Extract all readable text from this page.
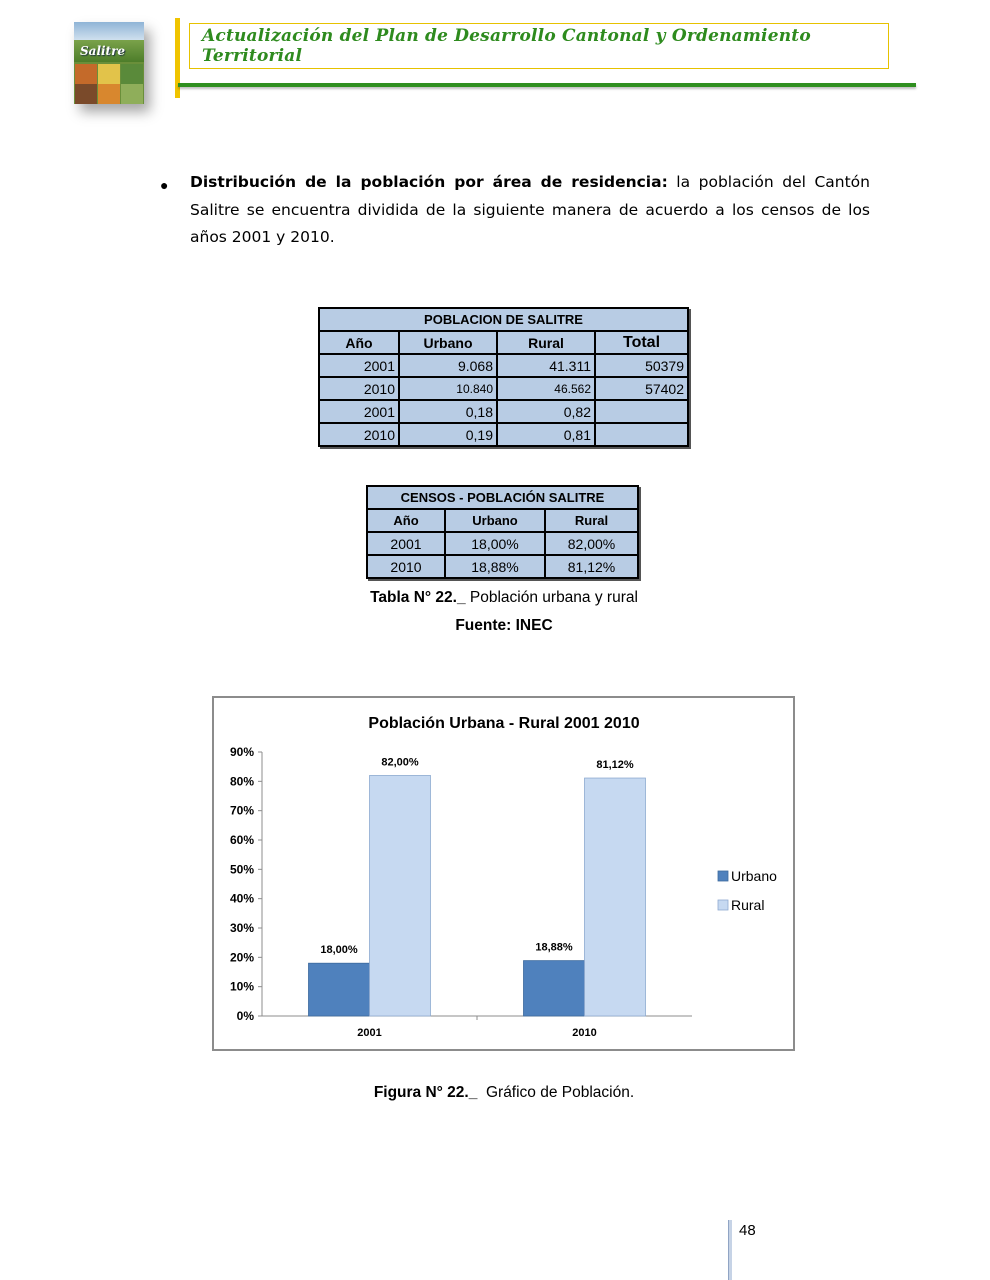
Salitre
Actualización del Plan de Desarrollo Cantonal y Ordenamiento Territorial
● Distribución de la población por área de residencia: la población del Cantón Salitre se encuentra dividida de la siguiente manera de acuerdo a los censos de los años 2001 y 2010.
POBLACION DE SALITRE			
Año	Urbano	Rural	Total
2001	9.068	41.311	50379
2010	10.840	46.562	57402
2001	0,18	0,82	
2010	0,19	0,81	
CENSOS - POBLACIÓN SALITRE		
Año	Urbano	Rural
2001	18,00%	82,00%
2010	18,88%	81,12%
Tabla N° 22._ Población urbana y rural
Fuente: INEC
Población Urbana - Rural 2001 2010
0%
10%
20%
30%
40%
50%
60%
70%
80%
90%
2001
18,00%
82,00%
2010
18,88%
81,12%
Urbano
Rural
Figura N° 22._  Gráfico de Población.
48
